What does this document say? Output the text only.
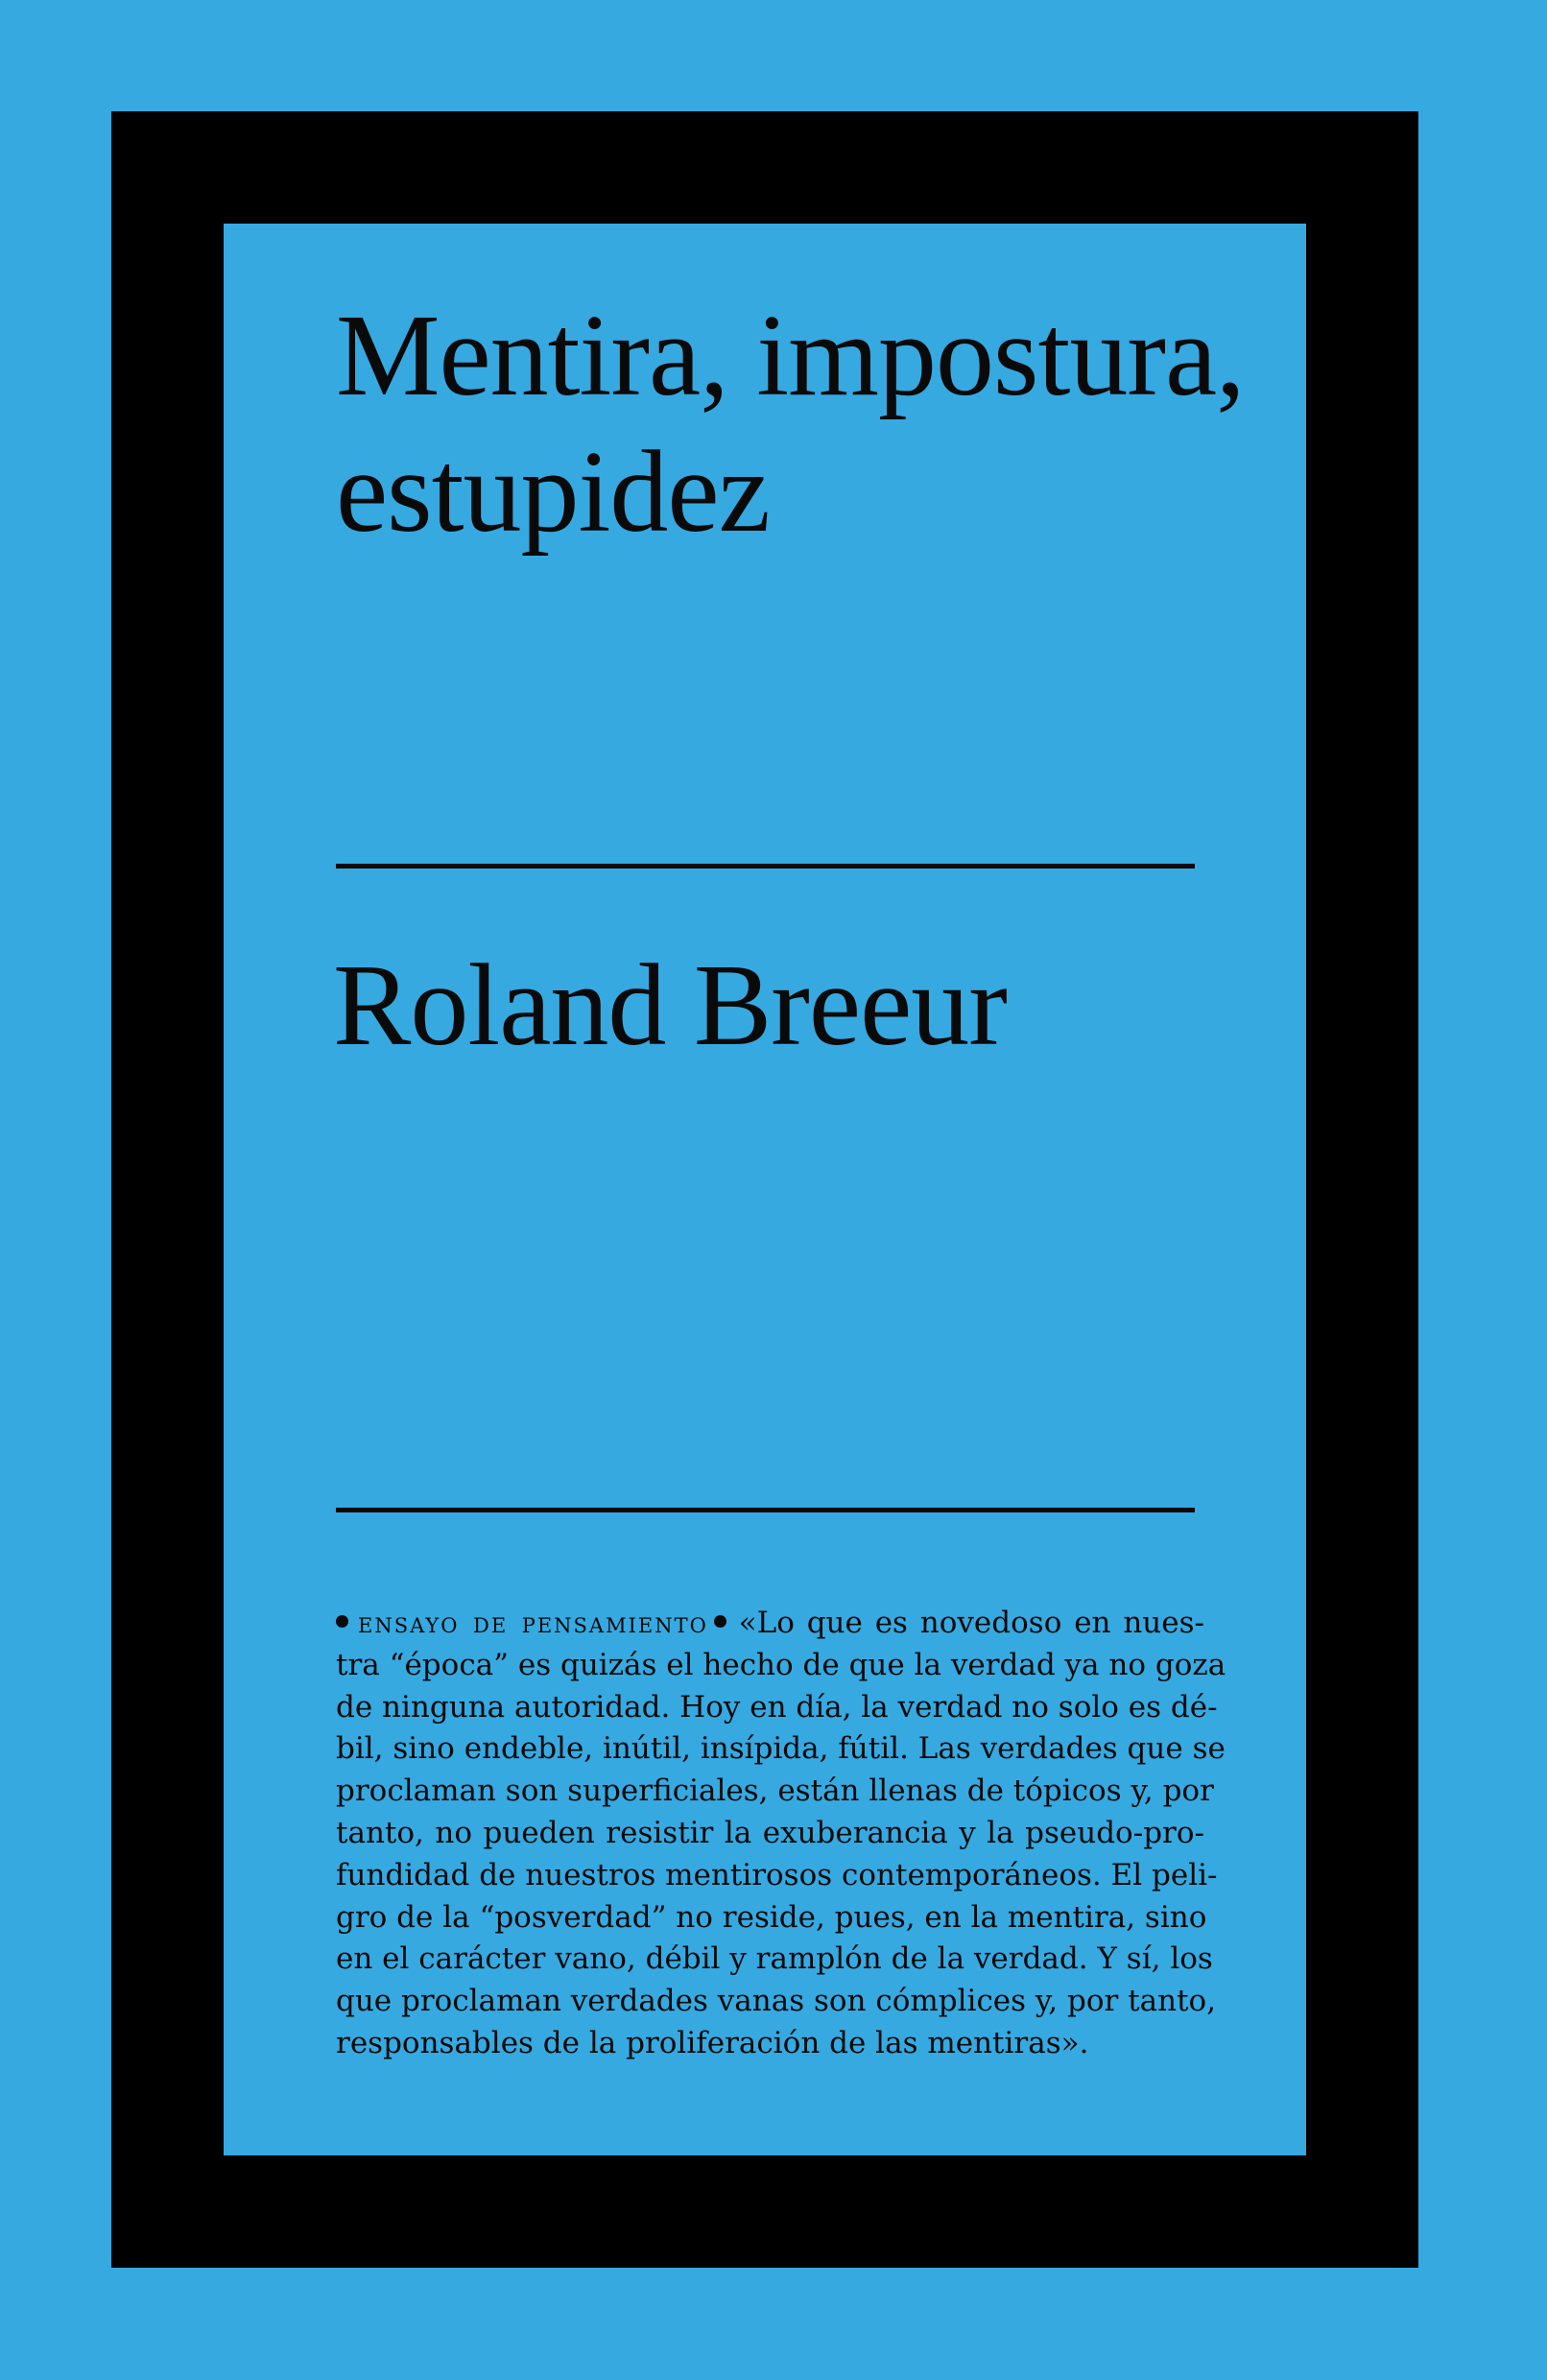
Mentira, impostura,
estupidez
Roland Breeur
ensayo de pensamiento «Lo que es novedoso en nues-
tra “época” es quizás el hecho de que la verdad ya no goza
de ninguna autoridad. Hoy en día, la verdad no solo es dé-
bil, sino endeble, inútil, insípida, fútil. Las verdades que se
proclaman son superficiales, están llenas de tópicos y, por
tanto, no pueden resistir la exuberancia y la pseudo-pro-
fundidad de nuestros mentirosos contemporáneos. El peli-
gro de la “posverdad” no reside, pues, en la mentira, sino
en el carácter vano, débil y ramplón de la verdad. Y sí, los
que proclaman verdades vanas son cómplices y, por tanto,
responsables de la proliferación de las mentiras».
